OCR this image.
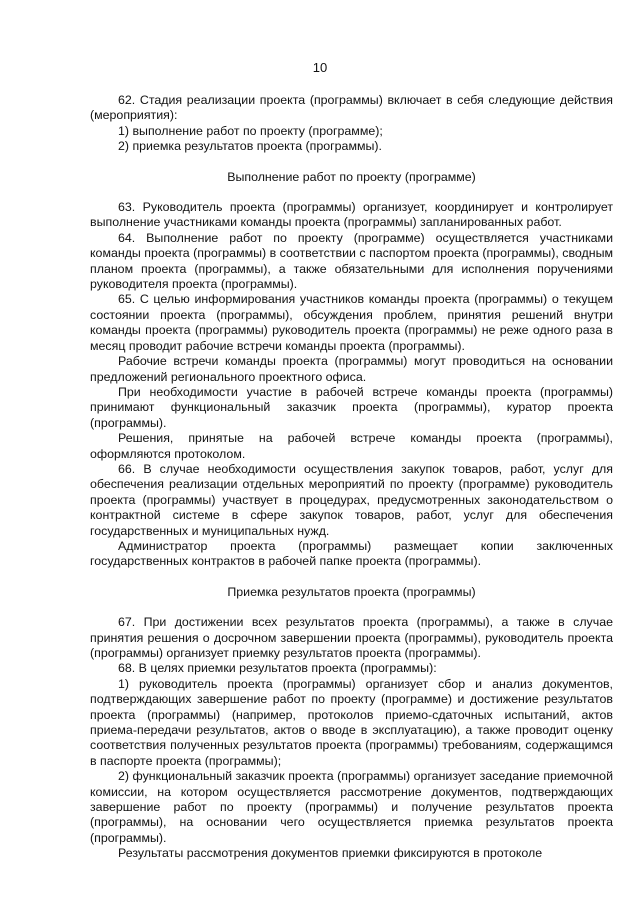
10

62. Стадия реализации проекта (программы) включает в себя следующие действия (мероприятия):

1) выполнение работ по проекту (программе);

2) приемка результатов проекта (программы).

Выполнение работ по проекту (программе)

63. Руководитель проекта (программы) организует, координирует и контролирует выполнение участниками команды проекта (программы) запланированных работ.

64. Выполнение работ по проекту (программе) осуществляется участниками команды проекта (программы) в соответствии с паспортом проекта (программы), сводным планом проекта (программы), а также обязательными для исполнения поручениями руководителя проекта (программы).

65. С целью информирования участников команды проекта (программы) о текущем состоянии проекта (программы), обсуждения проблем, принятия решений внутри команды проекта (программы) руководитель проекта (программы) не реже одного раза в месяц проводит рабочие встречи команды проекта (программы).

Рабочие встречи команды проекта (программы) могут проводиться на основании предложений регионального проектного офиса.

При необходимости участие в рабочей встрече команды проекта (программы) принимают функциональный заказчик проекта (программы), куратор проекта (программы).

Решения, принятые на рабочей встрече команды проекта (программы), оформляются протоколом.

66. В случае необходимости осуществления закупок товаров, работ, услуг для обеспечения реализации отдельных мероприятий по проекту (программе) руководитель проекта (программы) участвует в процедурах, предусмотренных законодательством о контрактной системе в сфере закупок товаров, работ, услуг для обеспечения государственных и муниципальных нужд.

Администратор проекта (программы) размещает копии заключенных государственных контрактов в рабочей папке проекта (программы).

Приемка результатов проекта (программы)

67. При достижении всех результатов проекта (программы), а также в случае принятия решения о досрочном завершении проекта (программы), руководитель проекта (программы) организует приемку результатов проекта (программы).

68. В целях приемки результатов проекта (программы):

1) руководитель проекта (программы) организует сбор и анализ документов, подтверждающих завершение работ по проекту (программе) и достижение результатов проекта (программы) (например, протоколов приемо-сдаточных испытаний, актов приема-передачи результатов, актов о вводе в эксплуатацию), а также проводит оценку соответствия полученных результатов проекта (программы) требованиям, содержащимся в паспорте проекта (программы);

2) функциональный заказчик проекта (программы) организует заседание приемочной комиссии, на котором осуществляется рассмотрение документов, подтверждающих завершение работ по проекту (программы) и получение результатов проекта (программы), на основании чего осуществляется приемка результатов проекта (программы).

Результаты рассмотрения документов приемки фиксируются в протоколе
